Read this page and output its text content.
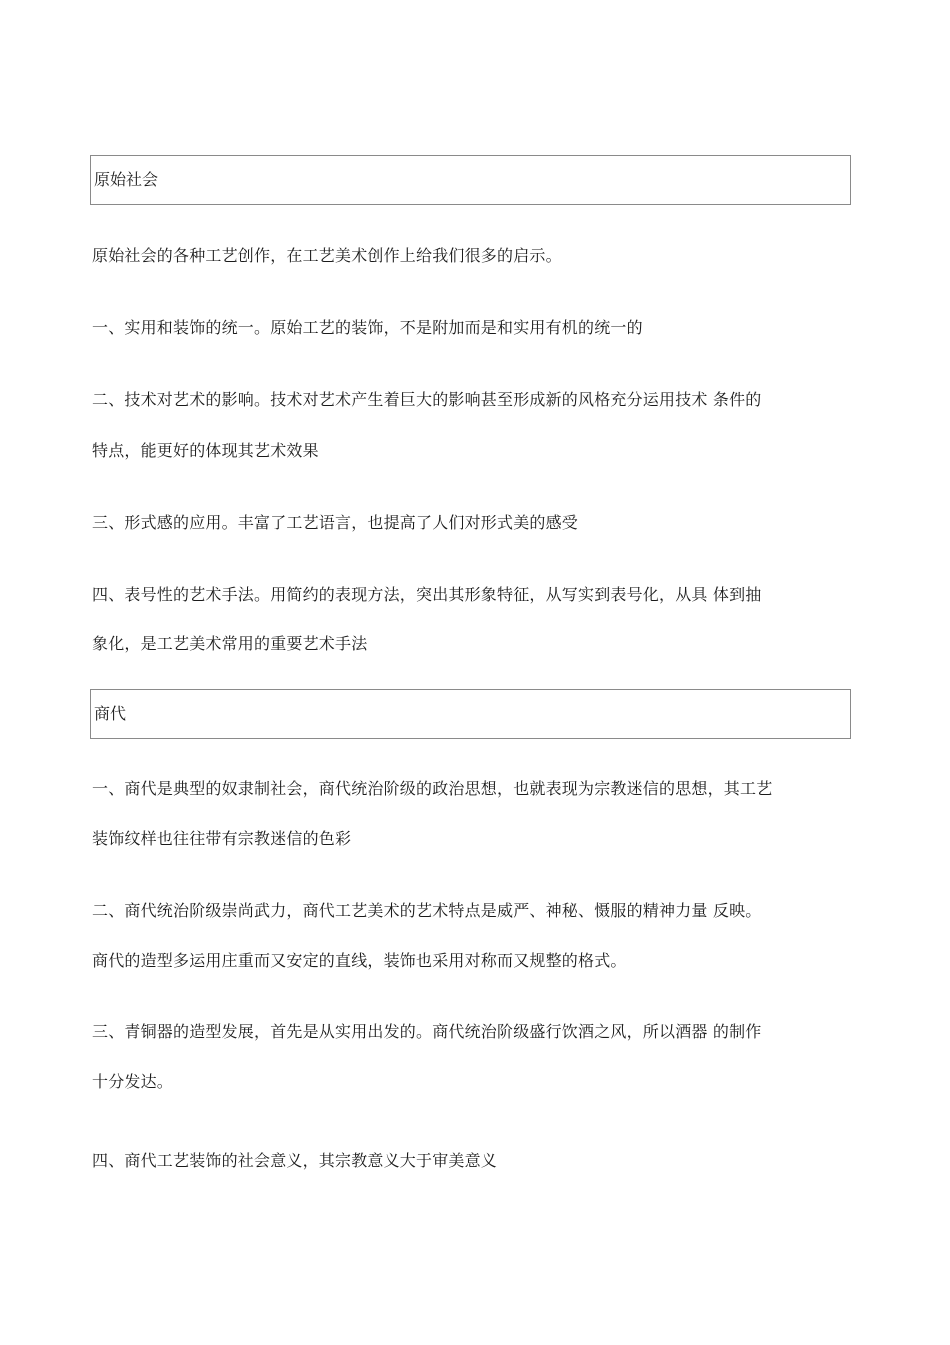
原始社会
原始社会的各种工艺创作，在工艺美术创作上给我们很多的启示。
一、实用和装饰的统一。原始工艺的装饰，不是附加而是和实用有机的统一的
二、技术对艺术的影响。技术对艺术产生着巨大的影响甚至形成新的风格充分运用技术 条件的
特点，能更好的体现其艺术效果
三、形式感的应用。丰富了工艺语言，也提高了人们对形式美的感受
四、表号性的艺术手法。用简约的表现方法，突出其形象特征，从写实到表号化，从具 体到抽
象化，是工艺美术常用的重要艺术手法
商代
一、商代是典型的奴隶制社会，商代统治阶级的政治思想，也就表现为宗教迷信的思想，其工艺
装饰纹样也往往带有宗教迷信的色彩
二、商代统治阶级崇尚武力，商代工艺美术的艺术特点是威严、神秘、慑服的精神力量 反映。
商代的造型多运用庄重而又安定的直线，装饰也采用对称而又规整的格式。
三、青铜器的造型发展，首先是从实用出发的。商代统治阶级盛行饮酒之风，所以酒器 的制作
十分发达。
四、商代工艺装饰的社会意义，其宗教意义大于审美意义
